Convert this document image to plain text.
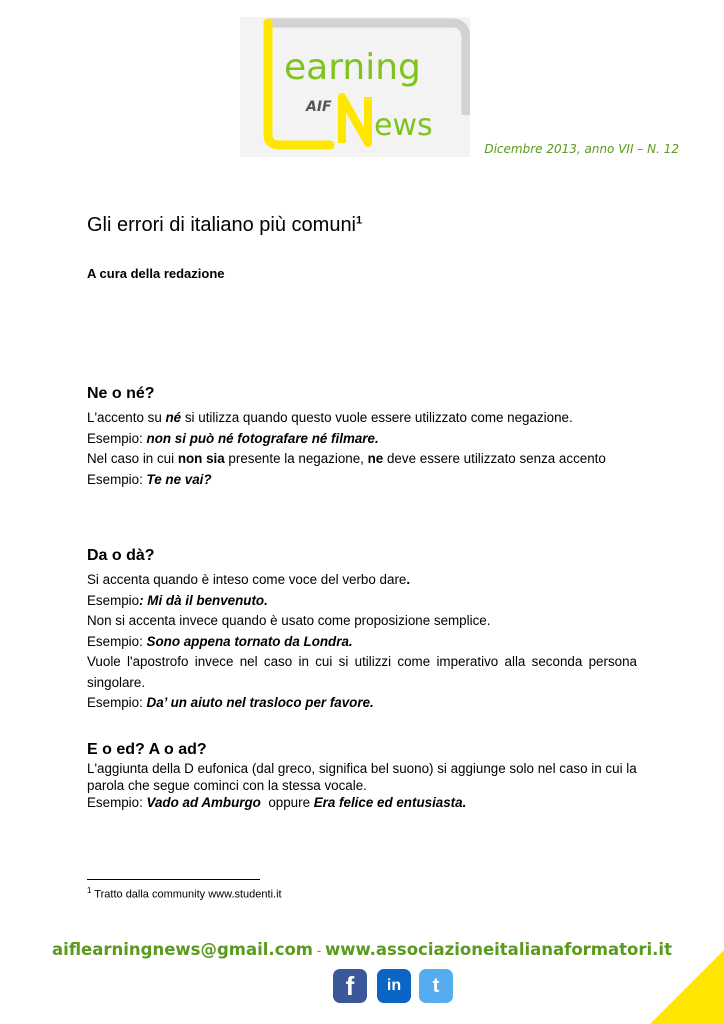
earning
ews
AIF
Dicembre 2013, anno VII – N. 12
Gli errori di italiano più comuni$^1$
A cura della redazione
Ne o né?

L'accento su né si utilizza quando questo vuole essere utilizzato come negazione.

Esempio: non si può né fotografare né filmare.

Nel caso in cui non sia presente la negazione, ne deve essere utilizzato senza accento

Esempio: Te ne vai?

Da o dà?

Si accenta quando è inteso come voce del verbo dare.

Esempio: Mi dà il benvenuto.

Non si accenta invece quando è usato come proposizione semplice.

Esempio: Sono appena tornato da Londra.

Vuole l'apostrofo invece nel caso in cui si utilizzi come imperativo alla seconda persona singolare.

Esempio: Da’ un aiuto nel trasloco per favore.

E o ed? A o ad?

L'aggiunta della D eufonica (dal greco, significa bel suono) si aggiunge solo nel caso in cui la parola che segue cominci con la stessa vocale.

Esempio: Vado ad Amburgo  oppure Era felice ed entusiasta.

$^1$ Tratto dalla community www.studenti.it
aiflearningnews@gmail.com - www.associazioneitalianaformatori.it
f	in	t
